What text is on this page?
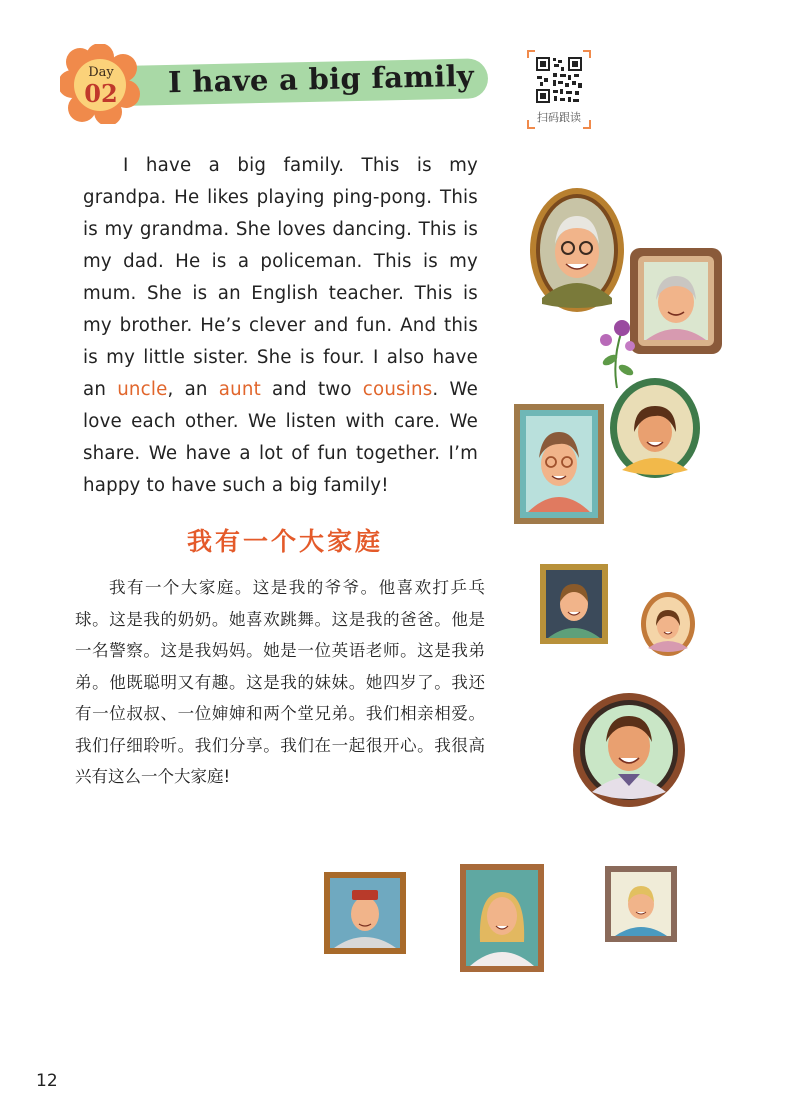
Day
02 I have a big family
扫码跟读

I have a big family. This is my grandpa. He likes playing ping-pong. This is my grandma. She loves dancing. This is my dad. He is a policeman. This is my mum. She is an English teacher. This is my brother. He’s clever and fun. And this is my little sister. She is four. I also have an uncle, an aunt and two cousins. We love each other. We listen with care. We share. We have a lot of fun together. I’m happy to have such a big family!

我有一个大家庭

我有一个大家庭。这是我的爷爷。他喜欢打乒乓球。这是我的奶奶。她喜欢跳舞。这是我的爸爸。他是一名警察。这是我妈妈。她是一位英语老师。这是我弟弟。他既聪明又有趣。这是我的妹妹。她四岁了。我还有一位叔叔、一位婶婶和两个堂兄弟。我们相亲相爱。我们仔细聆听。我们分享。我们在一起很开心。我很高兴有这么一个大家庭!

12
